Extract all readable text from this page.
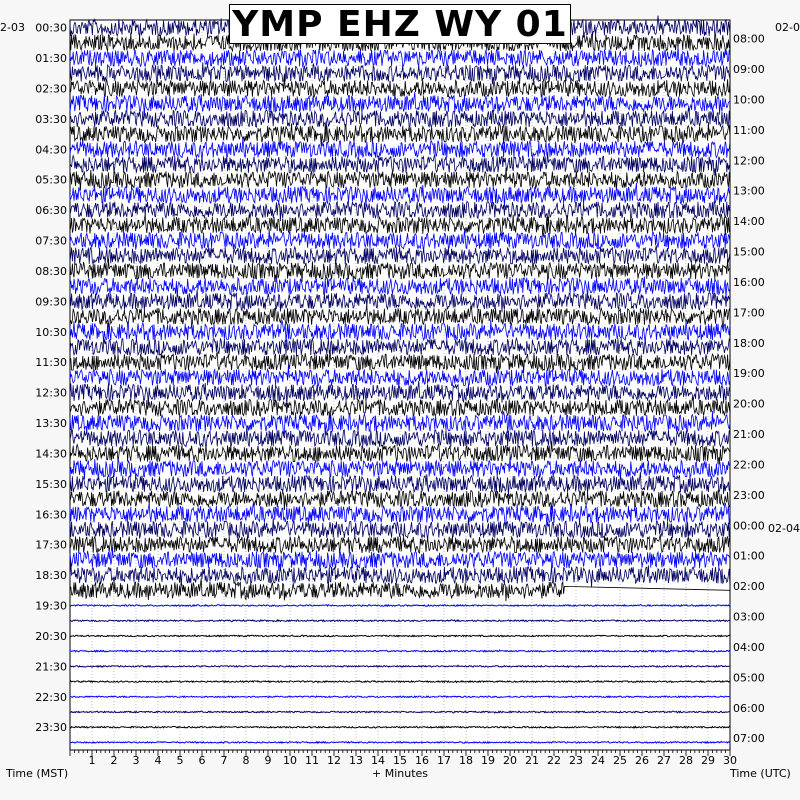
00:30
01:30
02:30
03:30
04:30
05:30
06:30
07:30
08:30
09:30
10:30
11:30
12:30
13:30
14:30
15:30
16:30
17:30
18:30
19:30
20:30
21:30
22:30
23:30
08:00
09:00
10:00
11:00
12:00
13:00
14:00
15:00
16:00
17:00
18:00
19:00
20:00
21:00
22:00
23:00
00:00
01:00
02:00
03:00
04:00
05:00
06:00
07:00
1 2 3 4 5 6 7 8 9 10 11 12 13 14 15 16 17 18 19 20 21 22 23 24 25 26 27 28 29 30
2-03	02-0
02-04
Time (MST)	+ Minutes	Time (UTC)
YMP EHZ WY 01
